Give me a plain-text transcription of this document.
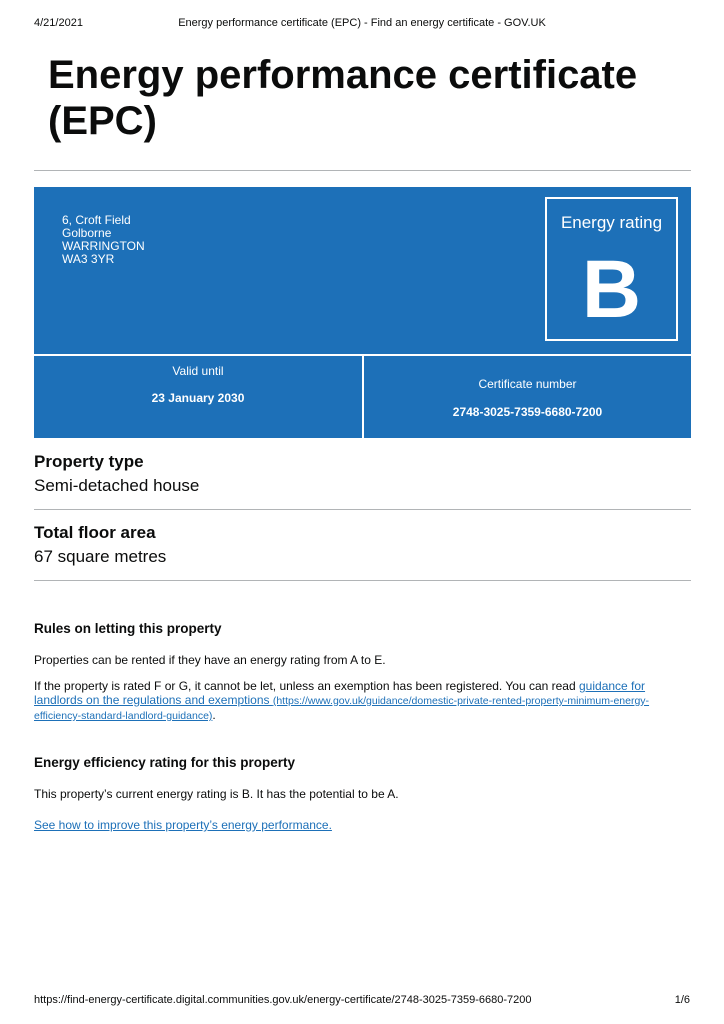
4/21/2021	Energy performance certificate (EPC) - Find an energy certificate - GOV.UK
Energy performance certificate (EPC)
6, Croft Field
Golborne
WARRINGTON
WA3 3YR
Energy rating
B
Valid until
23 January 2030
Certificate number
2748-3025-7359-6680-7200
Property type

Semi-detached house

Total floor area

67 square metres

Rules on letting this property

Properties can be rented if they have an energy rating from A to E.

If the property is rated F or G, it cannot be let, unless an exemption has been registered. You can read guidance for landlords on the regulations and exemptions (https://www.gov.uk/guidance/domestic-private-rented-property-minimum-energy-efficiency-standard-landlord-guidance).

Energy efficiency rating for this property

This property’s current energy rating is B. It has the potential to be A.

See how to improve this property’s energy performance.

https://find-energy-certificate.digital.communities.gov.uk/energy-certificate/2748-3025-7359-6680-7200	1/6
